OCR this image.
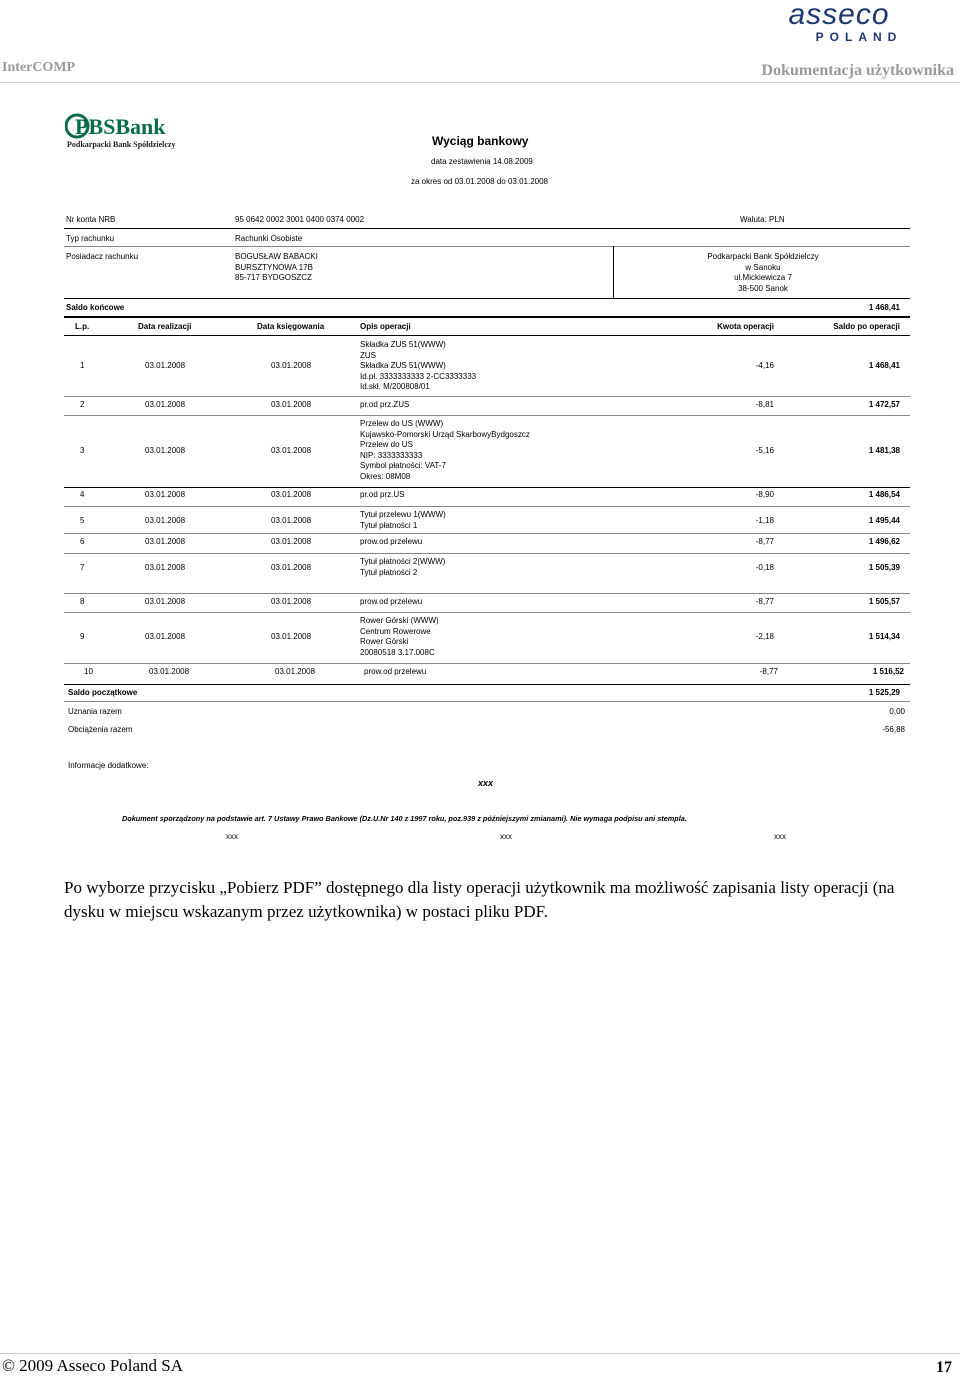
InterCOMP	Dokumentacja użytkownika
asseco
POLAND
PBSBank
Podkarpacki Bank Spółdzielczy	Wyciąg bankowy
data zestawienia 14.08.2009
za okres od 03.01.2008 do 03.01.2008
Nr konta NRB	95 0642 0002 3001 0400 0374 0002	Waluta: PLN
Typ rachunku	Rachunki Osobiste
Posiadacz rachunku	BOGUSŁAW BABACKI
BURSZTYNOWA 17B
85-717 BYDGOSZCZ
Podkarpacki Bank Spółdzielczy
w Sanoku
ul.Mickiewicza 7
38-500 Sanok
Saldo końcowe	1 468,41
L.p.	Data realizacji	Data księgowania	Opis operacji	Kwota operacji	Saldo po operacji
1	03.01.2008	03.01.2008
Składka ZUS 51(WWW)
ZUS
Składka ZUS 51(WWW)
Id.pł. 3333333333 2-CC3333333
Id.skł. M/200808/01
-4,16	1 468,41
2	03.01.2008	03.01.2008	pr.od prz.ZUS	-8,81	1 472,57
3	03.01.2008	03.01.2008
Przelew do US (WWW)
Kujawsko-Pomorski Urząd SkarbowyBydgoszcz
Przelew do US
NIP: 3333333333
Symbol płatności: VAT-7
Okres: 08M08
-5,16	1 481,38
4	03.01.2008	03.01.2008	pr.od prz.US	-8,90	1 486,54
5	03.01.2008	03.01.2008
Tytuł przelewu 1(WWW)
Tytuł płatności 1
-1,18	1 495,44
6	03.01.2008	03.01.2008	prow.od przelewu	-8,77	1 496,62
7	03.01.2008	03.01.2008
Tytuł płatności 2(WWW)
Tytuł płatności 2
-0,18	1 505,39
8	03.01.2008	03.01.2008	prow.od przelewu	-8,77	1 505,57
9	03.01.2008	03.01.2008
Rower Górski (WWW)
Centrum Rowerowe
Rower Górski
20080518 3.17.008C
-2,18	1 514,34
10	03.01.2008	03.01.2008	prow.od przelewu	-8,77	1 516,52
Saldo początkowe	1 525,29
Uznania razem	0,00
Obciążenia razem	-56,88
Informacje dodatkowe:
xxx
Dokument sporządzony na podstawie art. 7 Ustawy Prawo Bankowe (Dz.U.Nr 140 z 1997 roku, poz.939 z późniejszymi zmianami). Nie wymaga podpisu ani stempla.
xxx	xxx	xxx
Po wyborze przycisku „Pobierz PDF” dostępnego dla listy operacji użytkownik ma możliwość zapisania listy operacji (na dysku w miejscu wskazanym przez użytkownika) w postaci pliku PDF.
© 2009 Asseco Poland SA	17
